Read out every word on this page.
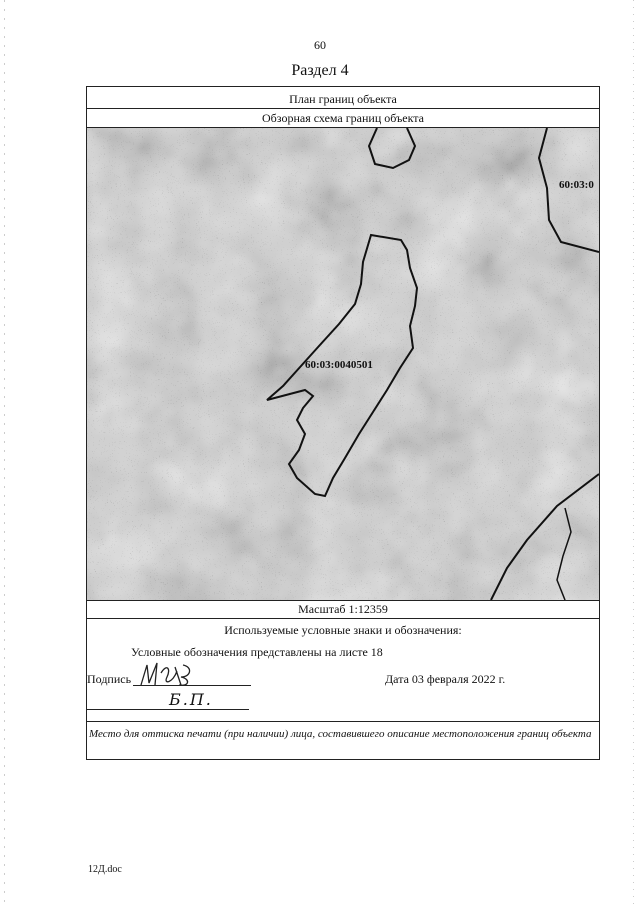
60
Раздел 4
План границ объекта
Обзорная схема границ объекта
60:03:0040501
60:03:0
Масштаб 1:12359
Используемые условные знаки и обозначения:
Условные обозначения представлены на листе 18
Подпись	Дата 03 февраля 2022 г.
Б.П.
Место для оттиска печати (при наличии) лица, составившего описание местоположения границ объекта
12Д.doc
